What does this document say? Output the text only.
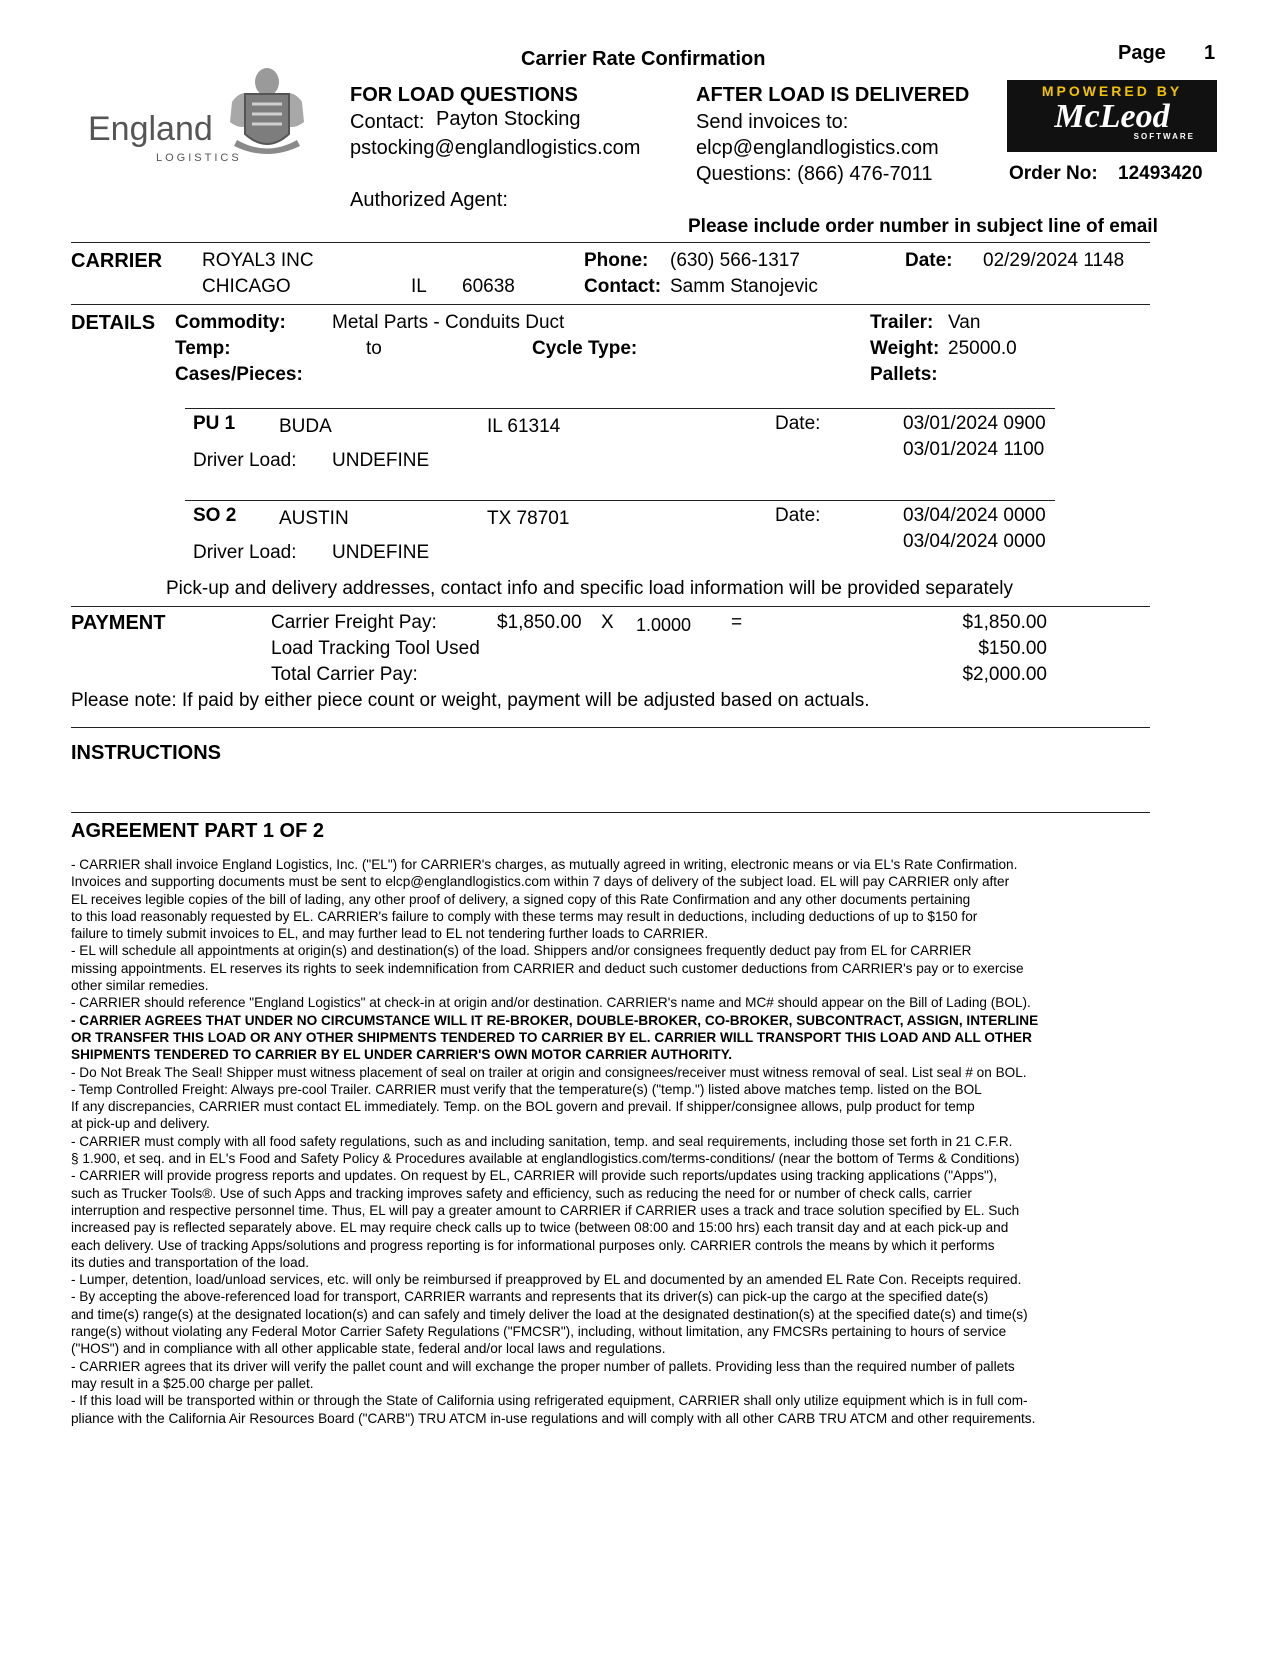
Carrier Rate Confirmation	Page 1
England
LOGISTICS
FOR LOAD QUESTIONS
Contact: Payton Stocking
pstocking@englandlogistics.com
Authorized Agent:
AFTER LOAD IS DELIVERED
Send invoices to:
elcp@englandlogistics.com
Questions: (866) 476-7011
MPOWERED BY
McLeod
SOFTWARE
Order No: 12493420
Please include order number in subject line of email
CARRIER ROYAL3 INC
CHICAGO	IL 60638
Phone: (630) 566-1317
Contact: Samm Stanojevic
Date: 02/29/2024 1148
DETAILS Commodity: Metal Parts - Conduits Duct
Temp:	to	Cycle Type:
Cases/Pieces:
Trailer: Van
Weight: 25000.0
Pallets:
PU 1 BUDA	IL 61314	Date:	03/01/2024 0900
03/01/2024 1100
Driver Load: UNDEFINE
SO 2 AUSTIN	TX 78701	Date:	03/04/2024 0000
03/04/2024 0000
Driver Load: UNDEFINE
Pick-up and delivery addresses, contact info and specific load information will be provided separately
PAYMENT	Carrier Freight Pay:	$1,850.00 X 1.0000 =	$1,850.00
Load Tracking Tool Used	$150.00
Total Carrier Pay:	$2,000.00
Please note: If paid by either piece count or weight, payment will be adjusted based on actuals.
INSTRUCTIONS
AGREEMENT PART 1 OF 2
- CARRIER shall invoice England Logistics, Inc. ("EL") for CARRIER's charges, as mutually agreed in writing, electronic means or via EL's Rate Confirmation.
Invoices and supporting documents must be sent to elcp@englandlogistics.com within 7 days of delivery of the subject load. EL will pay CARRIER only after
EL receives legible copies of the bill of lading, any other proof of delivery, a signed copy of this Rate Confirmation and any other documents pertaining
to this load reasonably requested by EL. CARRIER's failure to comply with these terms may result in deductions, including deductions of up to $150 for
failure to timely submit invoices to EL, and may further lead to EL not tendering further loads to CARRIER.
- EL will schedule all appointments at origin(s) and destination(s) of the load. Shippers and/or consignees frequently deduct pay from EL for CARRIER
missing appointments. EL reserves its rights to seek indemnification from CARRIER and deduct such customer deductions from CARRIER's pay or to exercise
other similar remedies.
- CARRIER should reference "England Logistics" at check-in at origin and/or destination. CARRIER's name and MC# should appear on the Bill of Lading (BOL).
- CARRIER AGREES THAT UNDER NO CIRCUMSTANCE WILL IT RE-BROKER, DOUBLE-BROKER, CO-BROKER, SUBCONTRACT, ASSIGN, INTERLINE
OR TRANSFER THIS LOAD OR ANY OTHER SHIPMENTS TENDERED TO CARRIER BY EL. CARRIER WILL TRANSPORT THIS LOAD AND ALL OTHER
SHIPMENTS TENDERED TO CARRIER BY EL UNDER CARRIER'S OWN MOTOR CARRIER AUTHORITY.
- Do Not Break The Seal! Shipper must witness placement of seal on trailer at origin and consignees/receiver must witness removal of seal. List seal # on BOL.
- Temp Controlled Freight: Always pre-cool Trailer. CARRIER must verify that the temperature(s) ("temp.") listed above matches temp. listed on the BOL
If any discrepancies, CARRIER must contact EL immediately. Temp. on the BOL govern and prevail. If shipper/consignee allows, pulp product for temp
at pick-up and delivery.
- CARRIER must comply with all food safety regulations, such as and including sanitation, temp. and seal requirements, including those set forth in 21 C.F.R.
§ 1.900, et seq. and in EL's Food and Safety Policy & Procedures available at englandlogistics.com/terms-conditions/ (near the bottom of Terms & Conditions)
- CARRIER will provide progress reports and updates. On request by EL, CARRIER will provide such reports/updates using tracking applications ("Apps"),
such as Trucker Tools®. Use of such Apps and tracking improves safety and efficiency, such as reducing the need for or number of check calls, carrier
interruption and respective personnel time. Thus, EL will pay a greater amount to CARRIER if CARRIER uses a track and trace solution specified by EL. Such
increased pay is reflected separately above. EL may require check calls up to twice (between 08:00 and 15:00 hrs) each transit day and at each pick-up and
each delivery. Use of tracking Apps/solutions and progress reporting is for informational purposes only. CARRIER controls the means by which it performs
its duties and transportation of the load.
- Lumper, detention, load/unload services, etc. will only be reimbursed if preapproved by EL and documented by an amended EL Rate Con. Receipts required.
- By accepting the above-referenced load for transport, CARRIER warrants and represents that its driver(s) can pick-up the cargo at the specified date(s)
and time(s) range(s) at the designated location(s) and can safely and timely deliver the load at the designated destination(s) at the specified date(s) and time(s)
range(s) without violating any Federal Motor Carrier Safety Regulations ("FMCSR"), including, without limitation, any FMCSRs pertaining to hours of service
("HOS") and in compliance with all other applicable state, federal and/or local laws and regulations.
- CARRIER agrees that its driver will verify the pallet count and will exchange the proper number of pallets. Providing less than the required number of pallets
may result in a $25.00 charge per pallet.
- If this load will be transported within or through the State of California using refrigerated equipment, CARRIER shall only utilize equipment which is in full com-
pliance with the California Air Resources Board ("CARB") TRU ATCM in-use regulations and will comply with all other CARB TRU ATCM and other requirements.
